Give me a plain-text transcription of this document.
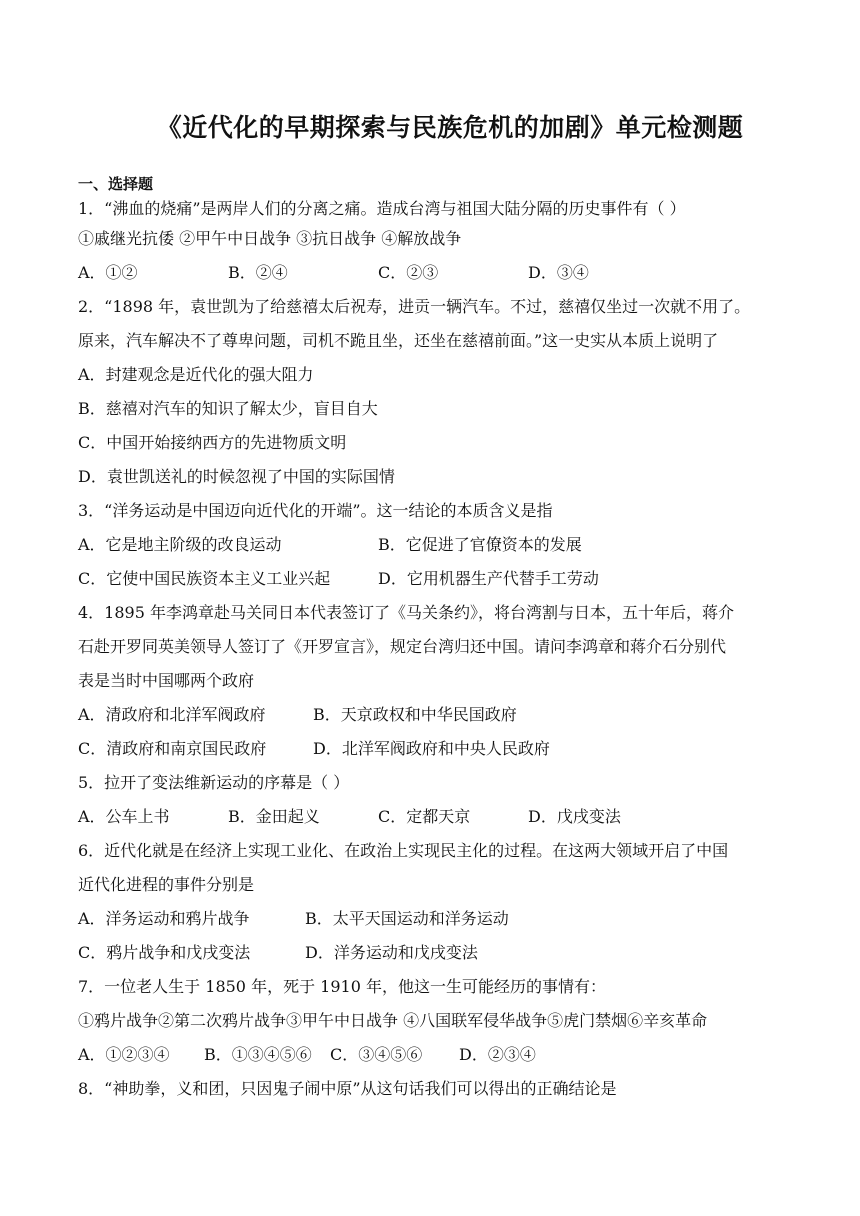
《近代化的早期探索与民族危机的加剧》单元检测题
一、选择题
1．“沸血的烧痛”是两岸人们的分离之痛。造成台湾与祖国大陆分隔的历史事件有（ ）
①戚继光抗倭 ②甲午中日战争 ③抗日战争 ④解放战争
A．①②	B．②④	C．②③	D．③④
2．“1898 年，袁世凯为了给慈禧太后祝寿，进贡一辆汽车。不过，慈禧仅坐过一次就不用了。
原来，汽车解决不了尊卑问题，司机不跪且坐，还坐在慈禧前面。”这一史实从本质上说明了
A．封建观念是近代化的强大阻力
B．慈禧对汽车的知识了解太少，盲目自大
C．中国开始接纳西方的先进物质文明
D．袁世凯送礼的时候忽视了中国的实际国情
3．“洋务运动是中国迈向近代化的开端”。这一结论的本质含义是指
A．它是地主阶级的改良运动	B．它促进了官僚资本的发展
C．它使中国民族资本主义工业兴起	D．它用机器生产代替手工劳动
4．1895 年李鸿章赴马关同日本代表签订了《马关条约》，将台湾割与日本，五十年后，蒋介
石赴开罗同英美领导人签订了《开罗宣言》，规定台湾归还中国。请问李鸿章和蒋介石分别代
表是当时中国哪两个政府
A．清政府和北洋军阀政府	B．天京政权和中华民国政府
C．清政府和南京国民政府	D．北洋军阀政府和中央人民政府
5．拉开了变法维新运动的序幕是（ ）
A．公车上书	B．金田起义	C．定都天京	D．戊戌变法
6．近代化就是在经济上实现工业化、在政治上实现民主化的过程。在这两大领域开启了中国
近代化进程的事件分别是
A．洋务运动和鸦片战争	B．太平天国运动和洋务运动
C．鸦片战争和戊戌变法	D．洋务运动和戊戌变法
7．一位老人生于 1850 年，死于 1910 年，他这一生可能经历的事情有：
①鸦片战争②第二次鸦片战争③甲午中日战争 ④八国联军侵华战争⑤虎门禁烟⑥辛亥革命
A．①②③④	B．①③④⑤⑥	C．③④⑤⑥	D．②③④
8．“神助拳，义和团，只因鬼子闹中原”从这句话我们可以得出的正确结论是
